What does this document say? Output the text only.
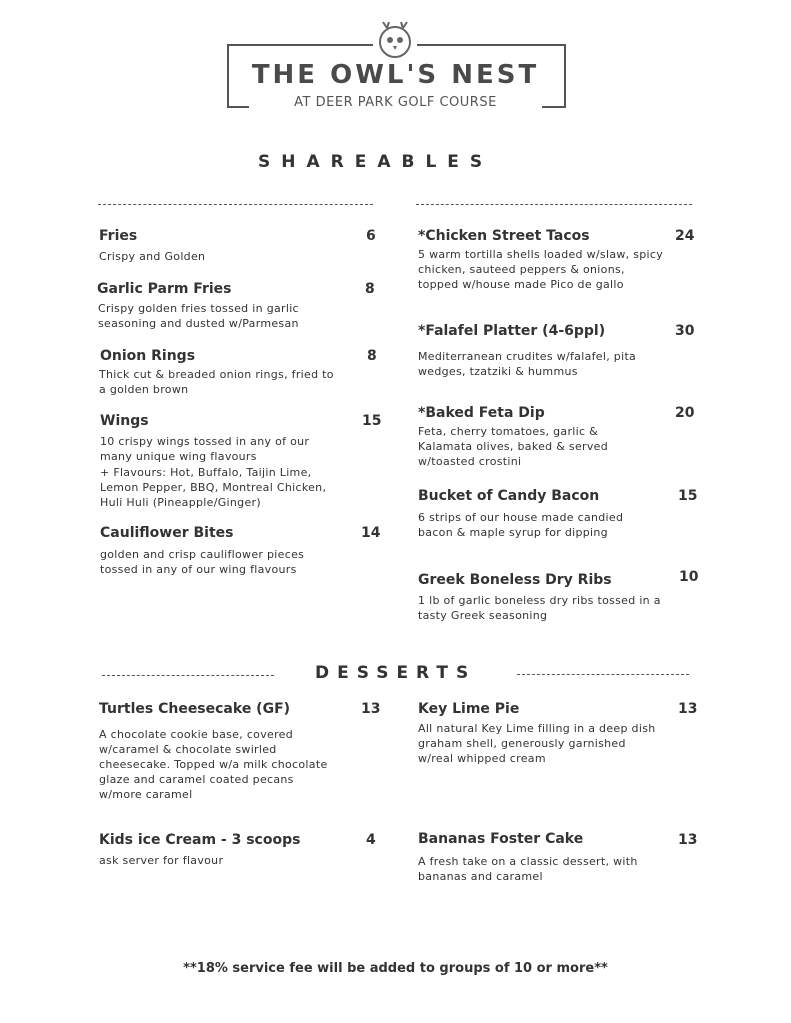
THE OWL'S NEST
AT DEER PARK GOLF COURSE
SHAREABLES
Fries	6
Crispy and Golden
Garlic Parm Fries	8
Crispy golden fries tossed in garlic seasoning and dusted w/Parmesan
Onion Rings	8
Thick cut & breaded onion rings, fried to a golden brown
Wings	15
10 crispy wings tossed in any of our many unique wing flavours
+ Flavours: Hot, Buffalo, Taijin Lime, Lemon Pepper, BBQ, Montreal Chicken, Huli Huli (Pineapple/Ginger)
Cauliflower Bites	14
golden and crisp cauliflower pieces tossed in any of our wing flavours
*Chicken Street Tacos	24
5 warm tortilla shells loaded w/slaw, spicy chicken, sauteed peppers & onions, topped w/house made Pico de gallo
*Falafel Platter (4-6ppl)	30
Mediterranean crudites w/falafel, pita wedges, tzatziki & hummus
*Baked Feta Dip	20
Feta, cherry tomatoes, garlic & Kalamata olives, baked & served w/toasted crostini
Bucket of Candy Bacon	15
6 strips of our house made candied bacon & maple syrup for dipping
Greek Boneless Dry Ribs	10
1 lb of garlic boneless dry ribs tossed in a tasty Greek seasoning
DESSERTS
Turtles Cheesecake (GF)	13
A chocolate cookie base, covered w/caramel & chocolate swirled cheesecake. Topped w/a milk chocolate glaze and caramel coated pecans w/more caramel
Kids ice Cream - 3 scoops	4
ask server for flavour
Key Lime Pie	13
All natural Key Lime filling in a deep dish graham shell, generously garnished w/real whipped cream
Bananas Foster Cake	13
A fresh take on a classic dessert, with bananas and caramel
**18% service fee will be added to groups of 10 or more**
